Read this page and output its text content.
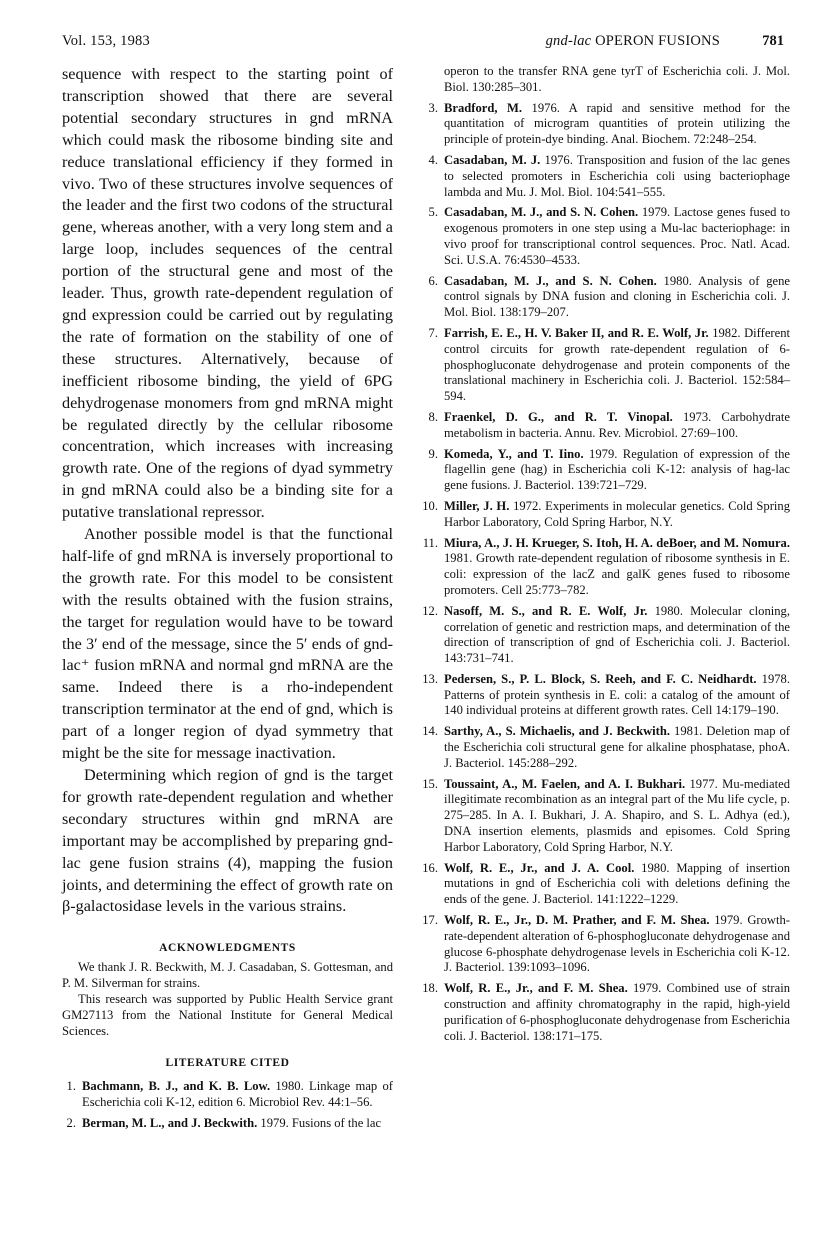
Vol. 153, 1983	gnd-lac OPERON FUSIONS	781

sequence with respect to the starting point of transcription showed that there are several potential secondary structures in gnd mRNA which could mask the ribosome binding site and reduce translational efficiency if they formed in vivo. Two of these structures involve sequences of the leader and the first two codons of the structural gene, whereas another, with a very long stem and a large loop, includes sequences of the central portion of the structural gene and most of the leader. Thus, growth rate-dependent regulation of gnd expression could be carried out by regulating the rate of formation on the stability of one of these structures. Alternatively, because of inefficient ribosome binding, the yield of 6PG dehydrogenase monomers from gnd mRNA might be regulated directly by the cellular ribosome concentration, which increases with increasing growth rate. One of the regions of dyad symmetry in gnd mRNA could also be a binding site for a putative translational repressor.

Another possible model is that the functional half-life of gnd mRNA is inversely proportional to the growth rate. For this model to be consistent with the results obtained with the fusion strains, the target for regulation would have to be toward the 3′ end of the message, since the 5′ ends of gnd-lac⁺ fusion mRNA and normal gnd mRNA are the same. Indeed there is a rho-independent transcription terminator at the end of gnd, which is part of a longer region of dyad symmetry that might be the site for message inactivation.

Determining which region of gnd is the target for growth rate-dependent regulation and whether secondary structures within gnd mRNA are important may be accomplished by preparing gnd-lac gene fusion strains (4), mapping the fusion joints, and determining the effect of growth rate on β-galactosidase levels in the various strains.

ACKNOWLEDGMENTS

We thank J. R. Beckwith, M. J. Casadaban, S. Gottesman, and P. M. Silverman for strains.

This research was supported by Public Health Service grant GM27113 from the National Institute for General Medical Sciences.

LITERATURE CITED

1. Bachmann, B. J., and K. B. Low. 1980. Linkage map of Escherichia coli K-12, edition 6. Microbiol Rev. 44:1–56.

2. Berman, M. L., and J. Beckwith. 1979. Fusions of the lac

operon to the transfer RNA gene tyrT of Escherichia coli. J. Mol. Biol. 130:285–301.

3. Bradford, M. 1976. A rapid and sensitive method for the quantitation of microgram quantities of protein utilizing the principle of protein-dye binding. Anal. Biochem. 72:248–254.

4. Casadaban, M. J. 1976. Transposition and fusion of the lac genes to selected promoters in Escherichia coli using bacteriophage lambda and Mu. J. Mol. Biol. 104:541–555.

5. Casadaban, M. J., and S. N. Cohen. 1979. Lactose genes fused to exogenous promoters in one step using a Mu-lac bacteriophage: in vivo proof for transcriptional control sequences. Proc. Natl. Acad. Sci. U.S.A. 76:4530–4533.

6. Casadaban, M. J., and S. N. Cohen. 1980. Analysis of gene control signals by DNA fusion and cloning in Escherichia coli. J. Mol. Biol. 138:179–207.

7. Farrish, E. E., H. V. Baker II, and R. E. Wolf, Jr. 1982. Different control circuits for growth rate-dependent regulation of 6-phosphogluconate dehydrogenase and protein components of the translational machinery in Escherichia coli. J. Bacteriol. 152:584–594.

8. Fraenkel, D. G., and R. T. Vinopal. 1973. Carbohydrate metabolism in bacteria. Annu. Rev. Microbiol. 27:69–100.

9. Komeda, Y., and T. Iino. 1979. Regulation of expression of the flagellin gene (hag) in Escherichia coli K-12: analysis of hag-lac gene fusions. J. Bacteriol. 139:721–729.

10. Miller, J. H. 1972. Experiments in molecular genetics. Cold Spring Harbor Laboratory, Cold Spring Harbor, N.Y.

11. Miura, A., J. H. Krueger, S. Itoh, H. A. deBoer, and M. Nomura. 1981. Growth rate-dependent regulation of ribosome synthesis in E. coli: expression of the lacZ and galK genes fused to ribosome promoters. Cell 25:773–782.

12. Nasoff, M. S., and R. E. Wolf, Jr. 1980. Molecular cloning, correlation of genetic and restriction maps, and determination of the direction of transcription of gnd of Escherichia coli. J. Bacteriol. 143:731–741.

13. Pedersen, S., P. L. Block, S. Reeh, and F. C. Neidhardt. 1978. Patterns of protein synthesis in E. coli: a catalog of the amount of 140 individual proteins at different growth rates. Cell 14:179–190.

14. Sarthy, A., S. Michaelis, and J. Beckwith. 1981. Deletion map of the Escherichia coli structural gene for alkaline phosphatase, phoA. J. Bacteriol. 145:288–292.

15. Toussaint, A., M. Faelen, and A. I. Bukhari. 1977. Mu-mediated illegitimate recombination as an integral part of the Mu life cycle, p. 275–285. In A. I. Bukhari, J. A. Shapiro, and S. L. Adhya (ed.), DNA insertion elements, plasmids and episomes. Cold Spring Harbor Laboratory, Cold Spring Harbor, N.Y.

16. Wolf, R. E., Jr., and J. A. Cool. 1980. Mapping of insertion mutations in gnd of Escherichia coli with deletions defining the ends of the gene. J. Bacteriol. 141:1222–1229.

17. Wolf, R. E., Jr., D. M. Prather, and F. M. Shea. 1979. Growth-rate-dependent alteration of 6-phosphogluconate dehydrogenase and glucose 6-phosphate dehydrogenase levels in Escherichia coli K-12. J. Bacteriol. 139:1093–1096.

18. Wolf, R. E., Jr., and F. M. Shea. 1979. Combined use of strain construction and affinity chromatography in the rapid, high-yield purification of 6-phosphogluconate dehydrogenase from Escherichia coli. J. Bacteriol. 138:171–175.
